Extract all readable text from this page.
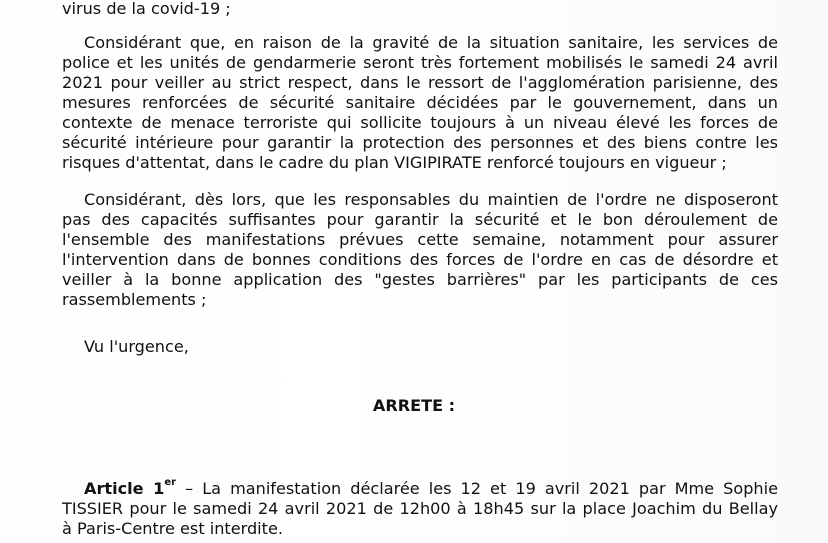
virus de la covid-19 ;
Considérant que, en raison de la gravité de la situation sanitaire, les services de
police et les unités de gendarmerie seront très fortement mobilisés le samedi 24 avril
2021 pour veiller au strict respect, dans le ressort de l'agglomération parisienne, des
mesures renforcées de sécurité sanitaire décidées par le gouvernement, dans un
contexte de menace terroriste qui sollicite toujours à un niveau élevé les forces de
sécurité intérieure pour garantir la protection des personnes et des biens contre les
risques d'attentat, dans le cadre du plan VIGIPIRATE renforcé toujours en vigueur ;
Considérant, dès lors, que les responsables du maintien de l'ordre ne disposeront
pas des capacités suffisantes pour garantir la sécurité et le bon déroulement de
l'ensemble des manifestations prévues cette semaine, notamment pour assurer
l'intervention dans de bonnes conditions des forces de l'ordre en cas de désordre et
veiller à la bonne application des "gestes barrières" par les participants de ces
rassemblements ;
Vu l'urgence,
ARRETE :
Article 1er – La manifestation déclarée les 12 et 19 avril 2021 par Mme Sophie
TISSIER pour le samedi 24 avril 2021 de 12h00 à 18h45 sur la place Joachim du Bellay
à Paris-Centre est interdite.
